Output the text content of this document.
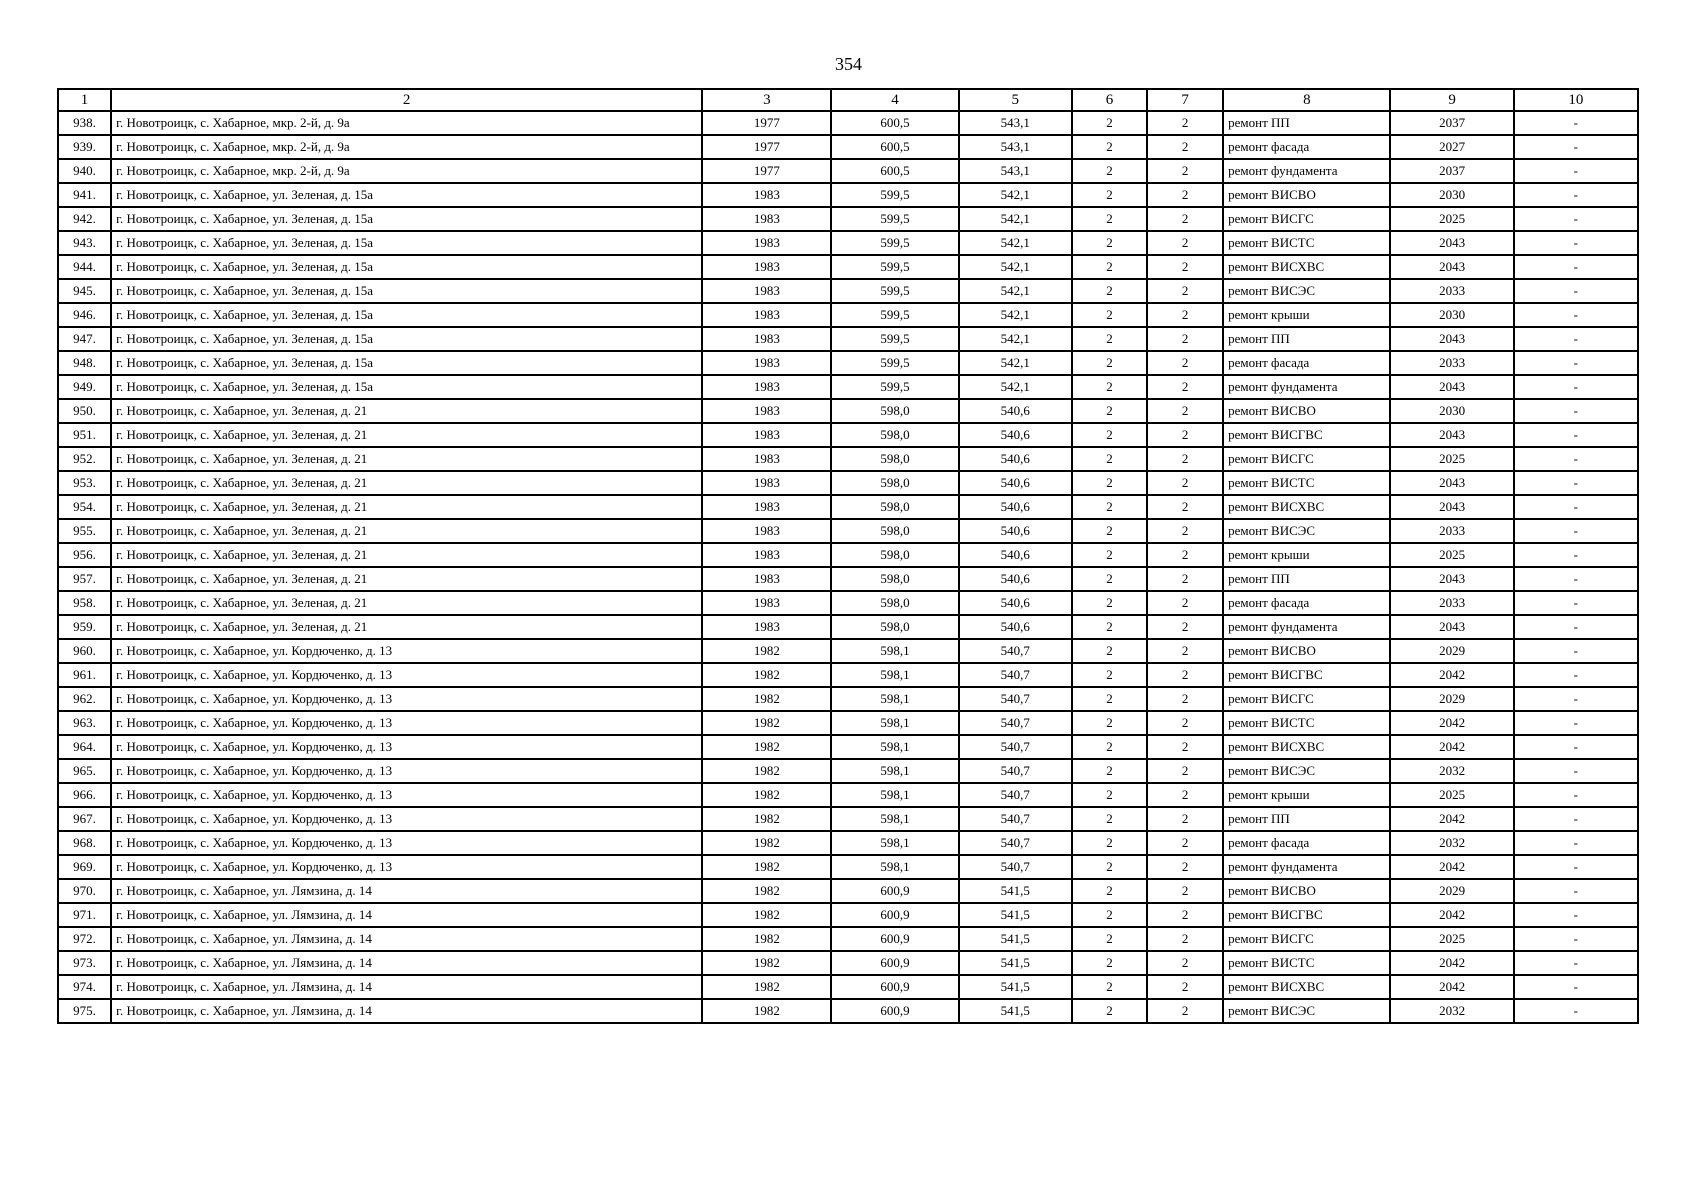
354
1	2	3	4	5	6	7	8	9	10
938.	г. Новотроицк, с. Хабарное, мкр. 2-й, д. 9а	1977	600,5	543,1	2	2	ремонт ПП	2037	-
939.	г. Новотроицк, с. Хабарное, мкр. 2-й, д. 9а	1977	600,5	543,1	2	2	ремонт фасада	2027	-
940.	г. Новотроицк, с. Хабарное, мкр. 2-й, д. 9а	1977	600,5	543,1	2	2	ремонт фундамента	2037	-
941.	г. Новотроицк, с. Хабарное, ул. Зеленая, д. 15а	1983	599,5	542,1	2	2	ремонт ВИСВО	2030	-
942.	г. Новотроицк, с. Хабарное, ул. Зеленая, д. 15а	1983	599,5	542,1	2	2	ремонт ВИСГС	2025	-
943.	г. Новотроицк, с. Хабарное, ул. Зеленая, д. 15а	1983	599,5	542,1	2	2	ремонт ВИСТС	2043	-
944.	г. Новотроицк, с. Хабарное, ул. Зеленая, д. 15а	1983	599,5	542,1	2	2	ремонт ВИСХВС	2043	-
945.	г. Новотроицк, с. Хабарное, ул. Зеленая, д. 15а	1983	599,5	542,1	2	2	ремонт ВИСЭС	2033	-
946.	г. Новотроицк, с. Хабарное, ул. Зеленая, д. 15а	1983	599,5	542,1	2	2	ремонт крыши	2030	-
947.	г. Новотроицк, с. Хабарное, ул. Зеленая, д. 15а	1983	599,5	542,1	2	2	ремонт ПП	2043	-
948.	г. Новотроицк, с. Хабарное, ул. Зеленая, д. 15а	1983	599,5	542,1	2	2	ремонт фасада	2033	-
949.	г. Новотроицк, с. Хабарное, ул. Зеленая, д. 15а	1983	599,5	542,1	2	2	ремонт фундамента	2043	-
950.	г. Новотроицк, с. Хабарное, ул. Зеленая, д. 21	1983	598,0	540,6	2	2	ремонт ВИСВО	2030	-
951.	г. Новотроицк, с. Хабарное, ул. Зеленая, д. 21	1983	598,0	540,6	2	2	ремонт ВИСГВС	2043	-
952.	г. Новотроицк, с. Хабарное, ул. Зеленая, д. 21	1983	598,0	540,6	2	2	ремонт ВИСГС	2025	-
953.	г. Новотроицк, с. Хабарное, ул. Зеленая, д. 21	1983	598,0	540,6	2	2	ремонт ВИСТС	2043	-
954.	г. Новотроицк, с. Хабарное, ул. Зеленая, д. 21	1983	598,0	540,6	2	2	ремонт ВИСХВС	2043	-
955.	г. Новотроицк, с. Хабарное, ул. Зеленая, д. 21	1983	598,0	540,6	2	2	ремонт ВИСЭС	2033	-
956.	г. Новотроицк, с. Хабарное, ул. Зеленая, д. 21	1983	598,0	540,6	2	2	ремонт крыши	2025	-
957.	г. Новотроицк, с. Хабарное, ул. Зеленая, д. 21	1983	598,0	540,6	2	2	ремонт ПП	2043	-
958.	г. Новотроицк, с. Хабарное, ул. Зеленая, д. 21	1983	598,0	540,6	2	2	ремонт фасада	2033	-
959.	г. Новотроицк, с. Хабарное, ул. Зеленая, д. 21	1983	598,0	540,6	2	2	ремонт фундамента	2043	-
960.	г. Новотроицк, с. Хабарное, ул. Кордюченко, д. 13	1982	598,1	540,7	2	2	ремонт ВИСВО	2029	-
961.	г. Новотроицк, с. Хабарное, ул. Кордюченко, д. 13	1982	598,1	540,7	2	2	ремонт ВИСГВС	2042	-
962.	г. Новотроицк, с. Хабарное, ул. Кордюченко, д. 13	1982	598,1	540,7	2	2	ремонт ВИСГС	2029	-
963.	г. Новотроицк, с. Хабарное, ул. Кордюченко, д. 13	1982	598,1	540,7	2	2	ремонт ВИСТС	2042	-
964.	г. Новотроицк, с. Хабарное, ул. Кордюченко, д. 13	1982	598,1	540,7	2	2	ремонт ВИСХВС	2042	-
965.	г. Новотроицк, с. Хабарное, ул. Кордюченко, д. 13	1982	598,1	540,7	2	2	ремонт ВИСЭС	2032	-
966.	г. Новотроицк, с. Хабарное, ул. Кордюченко, д. 13	1982	598,1	540,7	2	2	ремонт крыши	2025	-
967.	г. Новотроицк, с. Хабарное, ул. Кордюченко, д. 13	1982	598,1	540,7	2	2	ремонт ПП	2042	-
968.	г. Новотроицк, с. Хабарное, ул. Кордюченко, д. 13	1982	598,1	540,7	2	2	ремонт фасада	2032	-
969.	г. Новотроицк, с. Хабарное, ул. Кордюченко, д. 13	1982	598,1	540,7	2	2	ремонт фундамента	2042	-
970.	г. Новотроицк, с. Хабарное, ул. Лямзина, д. 14	1982	600,9	541,5	2	2	ремонт ВИСВО	2029	-
971.	г. Новотроицк, с. Хабарное, ул. Лямзина, д. 14	1982	600,9	541,5	2	2	ремонт ВИСГВС	2042	-
972.	г. Новотроицк, с. Хабарное, ул. Лямзина, д. 14	1982	600,9	541,5	2	2	ремонт ВИСГС	2025	-
973.	г. Новотроицк, с. Хабарное, ул. Лямзина, д. 14	1982	600,9	541,5	2	2	ремонт ВИСТС	2042	-
974.	г. Новотроицк, с. Хабарное, ул. Лямзина, д. 14	1982	600,9	541,5	2	2	ремонт ВИСХВС	2042	-
975.	г. Новотроицк, с. Хабарное, ул. Лямзина, д. 14	1982	600,9	541,5	2	2	ремонт ВИСЭС	2032	-
